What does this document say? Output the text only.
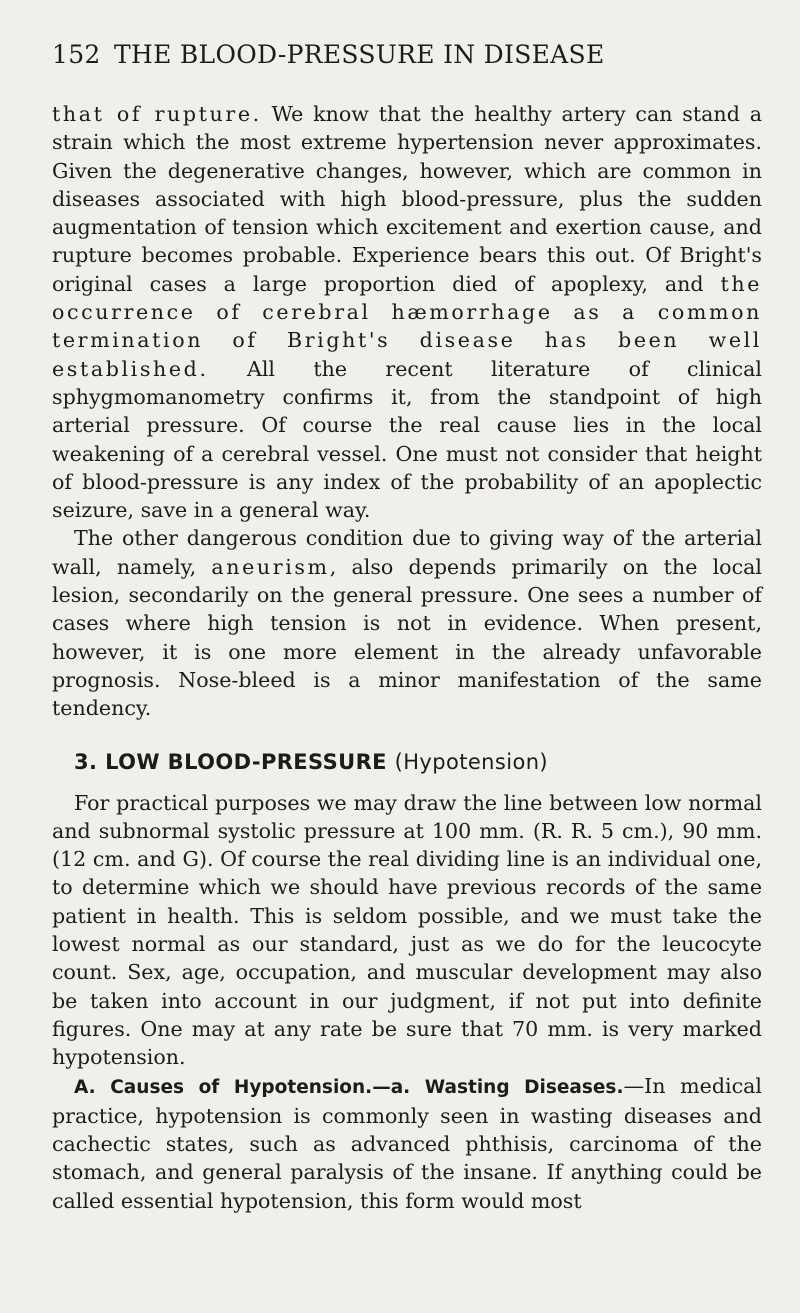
152 THE BLOOD-PRESSURE IN DISEASE

that of rupture. We know that the healthy artery can stand a strain which the most extreme hypertension never approximates. Given the degenerative changes, however, which are common in diseases associated with high blood-pressure, plus the sudden augmentation of tension which excitement and exertion cause, and rupture becomes probable. Experience bears this out. Of Bright's original cases a large proportion died of apoplexy, and the occurrence of cerebral hæmorrhage as a common termination of Bright's disease has been well established. All the recent literature of clinical sphygmomanometry confirms it, from the standpoint of high arterial pressure. Of course the real cause lies in the local weakening of a cerebral vessel. One must not consider that height of blood-pressure is any index of the probability of an apoplectic seizure, save in a general way.

The other dangerous condition due to giving way of the arterial wall, namely, aneurism, also depends primarily on the local lesion, secondarily on the general pressure. One sees a number of cases where high tension is not in evidence. When present, however, it is one more element in the already unfavorable prognosis. Nose-bleed is a minor manifestation of the same tendency.

3. LOW BLOOD-PRESSURE (Hypotension)

For practical purposes we may draw the line between low normal and subnormal systolic pressure at 100 mm. (R. R. 5 cm.), 90 mm. (12 cm. and G). Of course the real dividing line is an individual one, to determine which we should have previous records of the same patient in health. This is seldom possible, and we must take the lowest normal as our standard, just as we do for the leucocyte count. Sex, age, occupation, and muscular development may also be taken into account in our judgment, if not put into definite figures. One may at any rate be sure that 70 mm. is very marked hypotension.

A. Causes of Hypotension.—a. Wasting Diseases.—In medical practice, hypotension is commonly seen in wasting diseases and cachectic states, such as advanced phthisis, carcinoma of the stomach, and general paralysis of the insane. If anything could be called essential hypotension, this form would most
